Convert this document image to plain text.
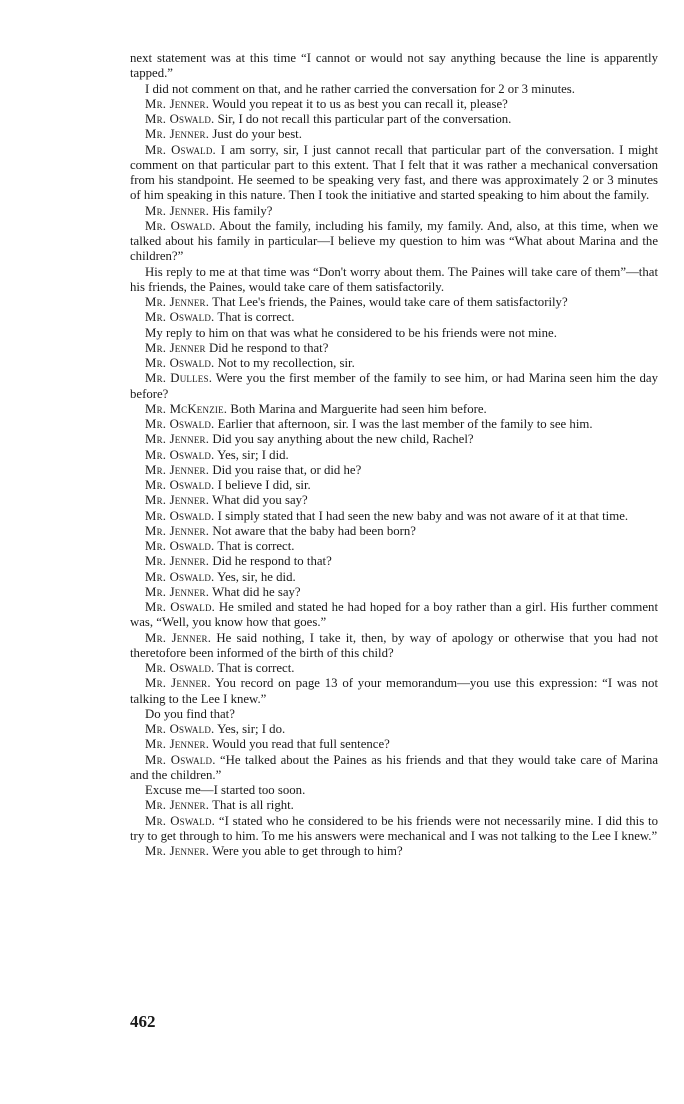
next statement was at this time “I cannot or would not say anything because the line is apparently tapped.”

I did not comment on that, and he rather carried the conversation for 2 or 3 minutes.

Mr. Jenner. Would you repeat it to us as best you can recall it, please?

Mr. Oswald. Sir, I do not recall this particular part of the conversation.

Mr. Jenner. Just do your best.

Mr. Oswald. I am sorry, sir, I just cannot recall that particular part of the conversation. I might comment on that particular part to this extent. That I felt that it was rather a mechanical conversation from his standpoint. He seemed to be speaking very fast, and there was approximately 2 or 3 minutes of him speaking in this nature. Then I took the initiative and started speaking to him about the family.

Mr. Jenner. His family?

Mr. Oswald. About the family, including his family, my family. And, also, at this time, when we talked about his family in particular—I believe my question to him was “What about Marina and the children?”

His reply to me at that time was “Don't worry about them. The Paines will take care of them”—that his friends, the Paines, would take care of them satisfactorily.

Mr. Jenner. That Lee's friends, the Paines, would take care of them satisfactorily?

Mr. Oswald. That is correct.

My reply to him on that was what he considered to be his friends were not mine.

Mr. Jenner Did he respond to that?

Mr. Oswald. Not to my recollection, sir.

Mr. Dulles. Were you the first member of the family to see him, or had Marina seen him the day before?

Mr. McKenzie. Both Marina and Marguerite had seen him before.

Mr. Oswald. Earlier that afternoon, sir. I was the last member of the family to see him.

Mr. Jenner. Did you say anything about the new child, Rachel?

Mr. Oswald. Yes, sir; I did.

Mr. Jenner. Did you raise that, or did he?

Mr. Oswald. I believe I did, sir.

Mr. Jenner. What did you say?

Mr. Oswald. I simply stated that I had seen the new baby and was not aware of it at that time.

Mr. Jenner. Not aware that the baby had been born?

Mr. Oswald. That is correct.

Mr. Jenner. Did he respond to that?

Mr. Oswald. Yes, sir, he did.

Mr. Jenner. What did he say?

Mr. Oswald. He smiled and stated he had hoped for a boy rather than a girl. His further comment was, “Well, you know how that goes.”

Mr. Jenner. He said nothing, I take it, then, by way of apology or otherwise that you had not theretofore been informed of the birth of this child?

Mr. Oswald. That is correct.

Mr. Jenner. You record on page 13 of your memorandum—you use this expression: “I was not talking to the Lee I knew.”

Do you find that?

Mr. Oswald. Yes, sir; I do.

Mr. Jenner. Would you read that full sentence?

Mr. Oswald. “He talked about the Paines as his friends and that they would take care of Marina and the children.”

Excuse me—I started too soon.

Mr. Jenner. That is all right.

Mr. Oswald. “I stated who he considered to be his friends were not necessarily mine. I did this to try to get through to him. To me his answers were mechanical and I was not talking to the Lee I knew.”

Mr. Jenner. Were you able to get through to him?

462
